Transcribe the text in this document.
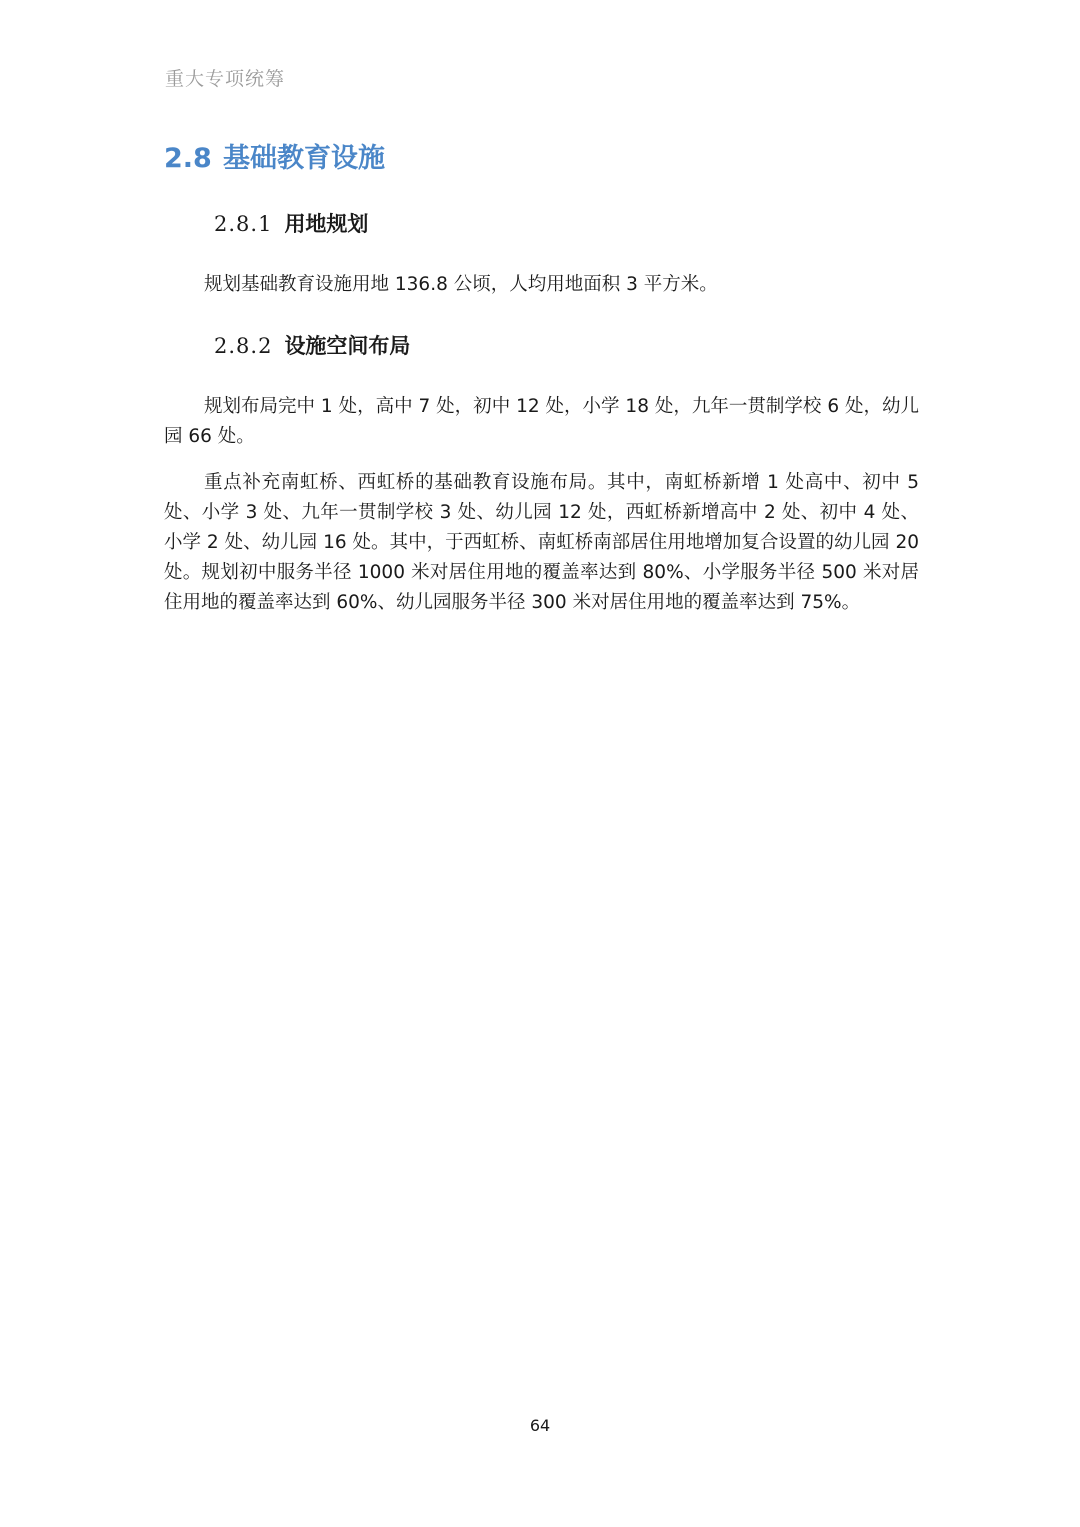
重大专项统筹
2.8 基础教育设施
2.8.1 用地规划

规划基础教育设施用地 136.8 公顷，人均用地面积 3 平方米。

2.8.2 设施空间布局

规划布局完中 1 处，高中 7 处，初中 12 处，小学 18 处，九年一贯制学校 6 处，幼儿园 66 处。

重点补充南虹桥、西虹桥的基础教育设施布局。其中，南虹桥新增 1 处高中、初中 5 处、小学 3 处、九年一贯制学校 3 处、幼儿园 12 处，西虹桥新增高中 2 处、初中 4 处、小学 2 处、幼儿园 16 处。其中，于西虹桥、南虹桥南部居住用地增加复合设置的幼儿园 20 处。规划初中服务半径 1000 米对居住用地的覆盖率达到 80%、小学服务半径 500 米对居住用地的覆盖率达到 60%、幼儿园服务半径 300 米对居住用地的覆盖率达到 75%。

64
